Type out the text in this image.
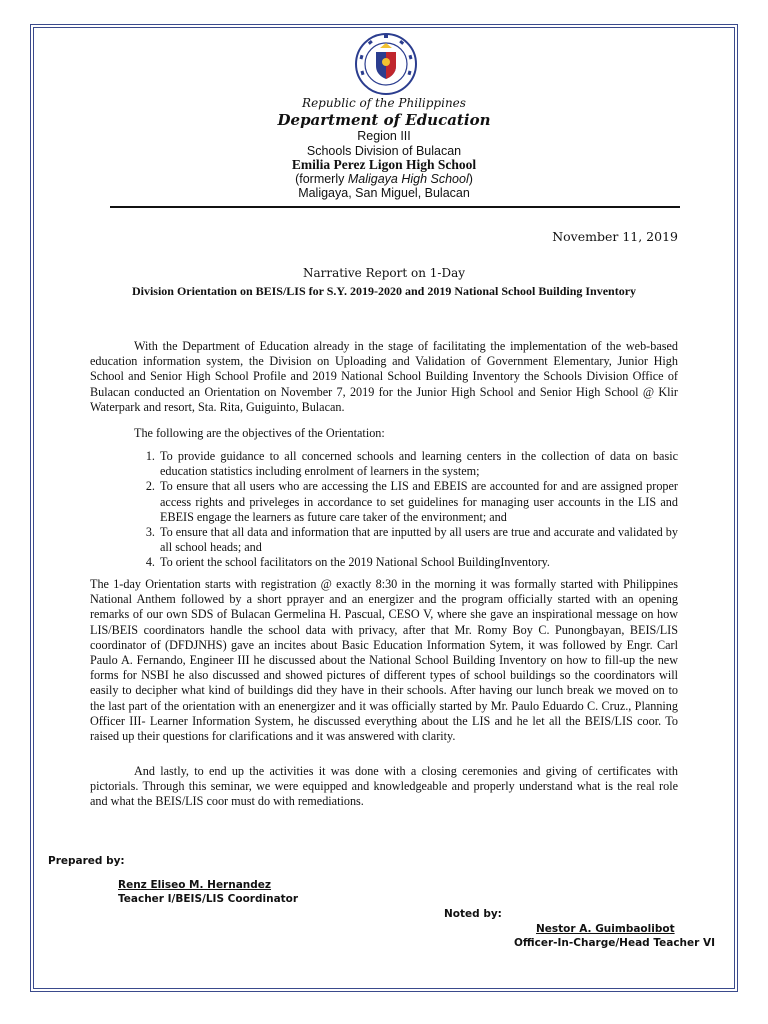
Republic of the Philippines
Department of Education
Region III
Schools Division of Bulacan
Emilia Perez Ligon High School
(formerly Maligaya High School)
Maligaya, San Miguel, Bulacan
November 11, 2019
Narrative Report on 1-Day
Division Orientation on BEIS/LIS for S.Y. 2019-2020 and 2019 National School Building Inventory

With the Department of Education already in the stage of facilitating the implementation of the web-based education information system, the Division on Uploading and Validation of Government Elementary, Junior High School and Senior High School Profile and 2019 National School Building Inventory the Schools Division Office of Bulacan conducted an Orientation on November 7, 2019 for the Junior High School and Senior High School @ Klir Waterpark and resort, Sta. Rita, Guiguinto, Bulacan.

The following are the objectives of the Orientation:

1. To provide guidance to all concerned schools and learning centers in the collection of data on basic education statistics including enrolment of learners in the system;
2. To ensure that all users who are accessing the LIS and EBEIS are accounted for and are assigned proper access rights and priveleges in accordance to set guidelines for managing user accounts in the LIS and EBEIS engage the learners as future care taker of the environment; and
3. To ensure that all data and information that are inputted by all users are true and accurate and validated by all school heads; and
4. To orient the school facilitators on the 2019 National School BuildingInventory.

The 1-day Orientation starts with registration @ exactly 8:30 in the morning it was formally started with Philippines National Anthem followed by a short pprayer and an energizer and the program officially started with an opening remarks of our own SDS of Bulacan Germelina H. Pascual, CESO V, where she gave an inspirational message on how LIS/BEIS coordinators handle the school data with privacy, after that Mr. Romy Boy C. Punongbayan, BEIS/LIS coordinator of (DFDJNHS) gave an incites about Basic Education Information Sytem, it was followed by Engr. Carl Paulo A. Fernando, Engineer III he discussed about the National School Building Inventory on how to fill-up the new forms for NSBI he also discussed and showed pictures of different types of school buildings so the coordinators will easily to decipher what kind of buildings did they have in their schools. After having our lunch break we moved on to the last part of the orientation with an enenergizer and it was officially started by Mr. Paulo Eduardo C. Cruz., Planning Officer III- Learner Information System, he discussed everything about the LIS and he let all the BEIS/LIS coor. To raised up their questions for clarifications and it was answered with clarity.

And lastly, to end up the activities it was done with a closing ceremonies and giving of certificates with pictorials. Through this seminar, we were equipped and knowledgeable and properly understand what is the real role and what the BEIS/LIS coor must do with remediations.

Prepared by:
Renz Eliseo M. Hernandez
Teacher I/BEIS/LIS Coordinator
Noted by:
Nestor A. Guimbaolibot
Officer-In-Charge/Head Teacher VI
